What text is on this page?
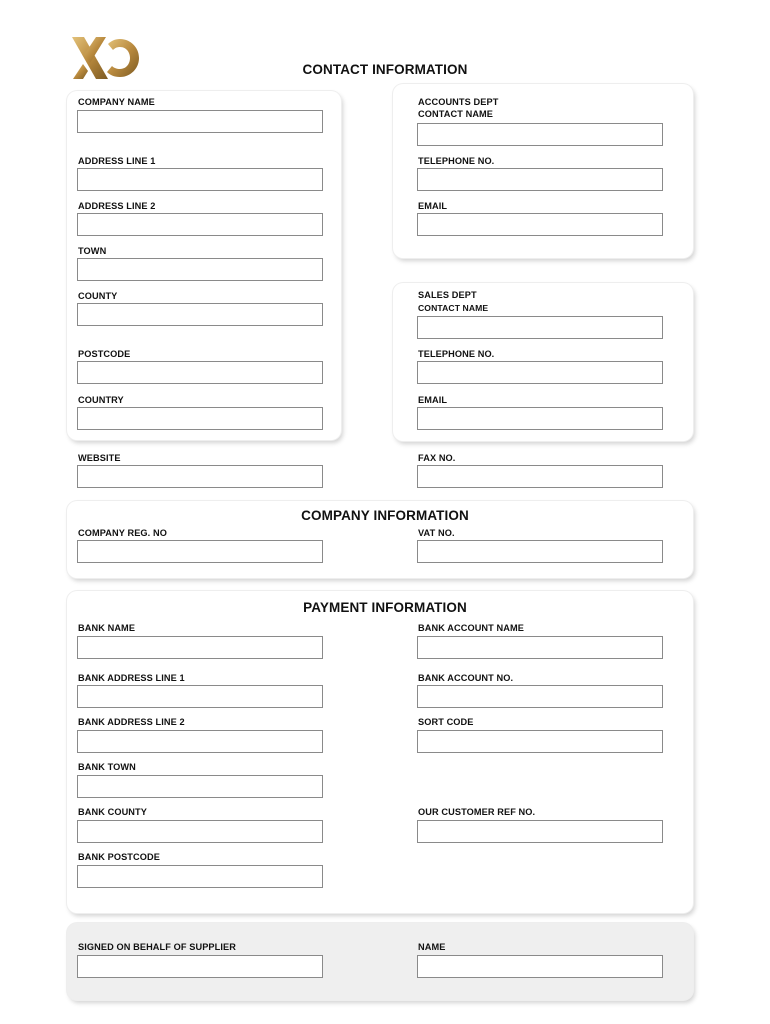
CONTACT INFORMATION
COMPANY NAME
ADDRESS LINE 1
ADDRESS LINE 2
TOWN
COUNTY
POSTCODE
COUNTRY
WEBSITE
ACCOUNTS DEPT
CONTACT NAME
TELEPHONE NO.
EMAIL
SALES DEPT
CONTACT NAME
TELEPHONE NO.
EMAIL
FAX NO.
COMPANY INFORMATION
COMPANY REG. NO	VAT NO.
PAYMENT INFORMATION
BANK NAME
BANK ADDRESS LINE 1
BANK ADDRESS LINE 2
BANK TOWN
BANK COUNTY
BANK POSTCODE
BANK ACCOUNT NAME
BANK ACCOUNT NO.
SORT CODE
OUR CUSTOMER REF NO.
SIGNED ON BEHALF OF SUPPLIER	NAME
